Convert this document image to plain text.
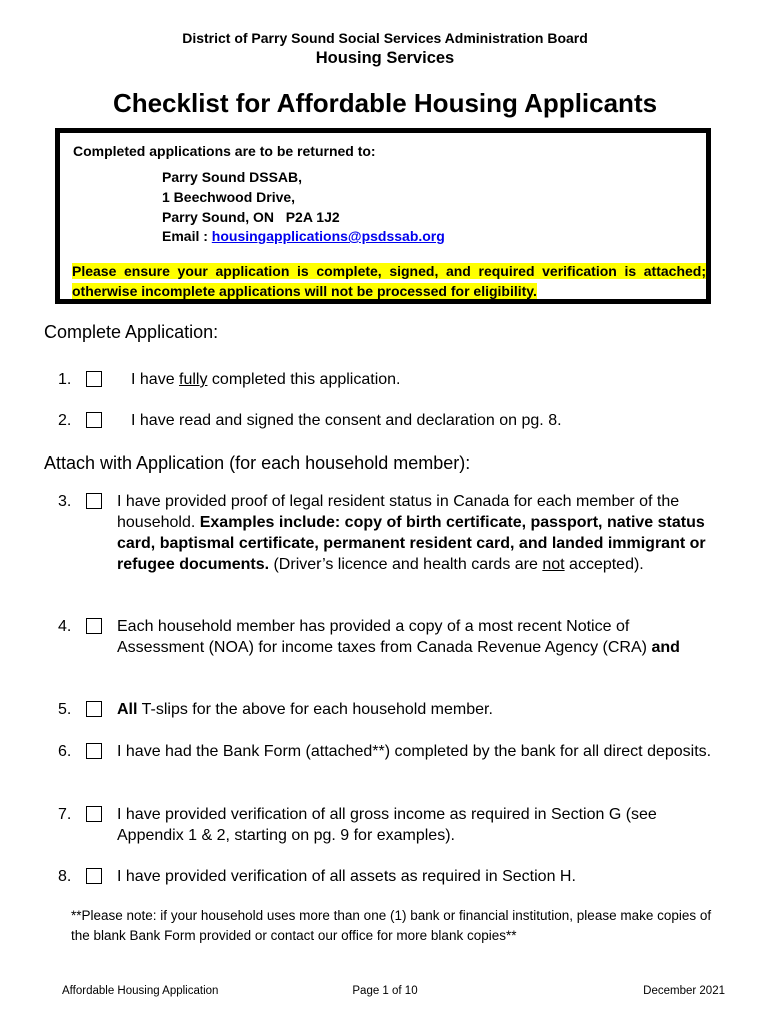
District of Parry Sound Social Services Administration Board
Housing Services
Checklist for Affordable Housing Applicants
Completed applications are to be returned to:
Parry Sound DSSAB,
1 Beechwood Drive,
Parry Sound, ON   P2A 1J2
Email : housingapplications@psdssab.org
Please ensure your application is complete, signed, and required verification is attached; otherwise incomplete applications will not be processed for eligibility.
Complete Application:
1.	I have fully completed this application.
2.	I have read and signed the consent and declaration on pg. 8.
Attach with Application (for each household member):
3.	I have provided proof of legal resident status in Canada for each member of the household. Examples include: copy of birth certificate, passport, native status card, baptismal certificate, permanent resident card, and landed immigrant or refugee documents. (Driver’s licence and health cards are not accepted).
4.	Each household member has provided a copy of a most recent Notice of Assessment (NOA) for income taxes from Canada Revenue Agency (CRA) and
5.	All T-slips for the above for each household member.
6.	I have had the Bank Form (attached**) completed by the bank for all direct deposits.
7.	I have provided verification of all gross income as required in Section G (see Appendix 1 & 2, starting on pg. 9 for examples).
8.	I have provided verification of all assets as required in Section H.
**Please note: if your household uses more than one (1) bank or financial institution, please make copies of the blank Bank Form provided or contact our office for more blank copies**
Affordable Housing Application	Page 1 of 10	December 2021
